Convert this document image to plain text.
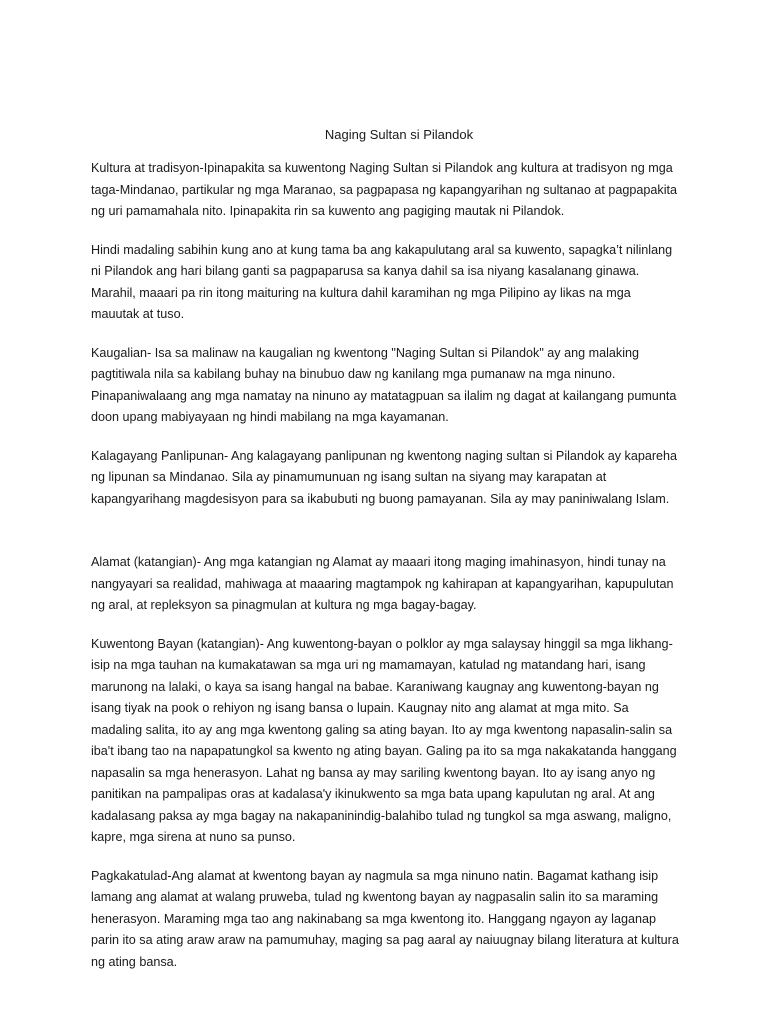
Naging Sultan si Pilandok

Kultura at tradisyon-Ipinapakita sa kuwentong Naging Sultan si Pilandok ang kultura at tradisyon ng mga taga-Mindanao, partikular ng mga Maranao, sa pagpapasa ng kapangyarihan ng sultanao at pagpapakita ng uri pamamahala nito. Ipinapakita rin sa kuwento ang pagiging mautak ni Pilandok.

Hindi madaling sabihin kung ano at kung tama ba ang kakapulutang aral sa kuwento, sapagka’t nilinlang ni Pilandok ang hari bilang ganti sa pagpaparusa sa kanya dahil sa isa niyang kasalanang ginawa. Marahil, maaari pa rin itong maituring na kultura dahil karamihan ng mga Pilipino ay likas na mga mauutak at tuso.

Kaugalian- Isa sa malinaw na kaugalian ng kwentong "Naging Sultan si Pilandok" ay ang malaking pagtitiwala nila sa kabilang buhay na binubuo daw ng kanilang mga pumanaw na mga ninuno. Pinapaniwalaang ang mga namatay na ninuno ay matatagpuan sa ilalim ng dagat at kailangang pumunta doon upang mabiyayaan ng hindi mabilang na mga kayamanan.

Kalagayang Panlipunan- Ang kalagayang panlipunan ng kwentong naging sultan si Pilandok ay kapareha ng lipunan sa Mindanao. Sila ay pinamumunuan ng isang sultan na siyang may karapatan at kapangyarihang magdesisyon para sa ikabubuti ng buong pamayanan. Sila ay may paniniwalang Islam.

Alamat (katangian)- Ang mga katangian ng Alamat ay maaari itong maging imahinasyon, hindi tunay na nangyayari sa realidad, mahiwaga at maaaring magtampok ng kahirapan at kapangyarihan, kapupulutan ng aral, at repleksyon sa pinagmulan at kultura ng mga bagay-bagay.

Kuwentong Bayan (katangian)- Ang kuwentong-bayan o polklor ay mga salaysay hinggil sa mga likhang-isip na mga tauhan na kumakatawan sa mga uri ng mamamayan, katulad ng matandang hari, isang marunong na lalaki, o kaya sa isang hangal na babae. Karaniwang kaugnay ang kuwentong-bayan ng isang tiyak na pook o rehiyon ng isang bansa o lupain. Kaugnay nito ang alamat at mga mito. Sa madaling salita, ito ay ang mga kwentong galing sa ating bayan. Ito ay mga kwentong napasalin-salin sa iba't ibang tao na napapatungkol sa kwento ng ating bayan. Galing pa ito sa mga nakakatanda hanggang napasalin sa mga henerasyon. Lahat ng bansa ay may sariling kwentong bayan. Ito ay isang anyo ng panitikan na pampalipas oras at kadalasa'y ikinukwento sa mga bata upang kapulutan ng aral. At ang kadalasang paksa ay mga bagay na nakapaninindig-balahibo tulad ng tungkol sa mga aswang, maligno, kapre, mga sirena at nuno sa punso.

Pagkakatulad-Ang alamat at kwentong bayan ay nagmula sa mga ninuno natin. Bagamat kathang isip lamang ang alamat at walang pruweba, tulad ng kwentong bayan ay nagpasalin salin ito sa maraming henerasyon. Maraming mga tao ang nakinabang sa mga kwentong ito. Hanggang ngayon ay laganap parin ito sa ating araw araw na pamumuhay, maging sa pag aaral ay naiuugnay bilang literatura at kultura ng ating bansa.
